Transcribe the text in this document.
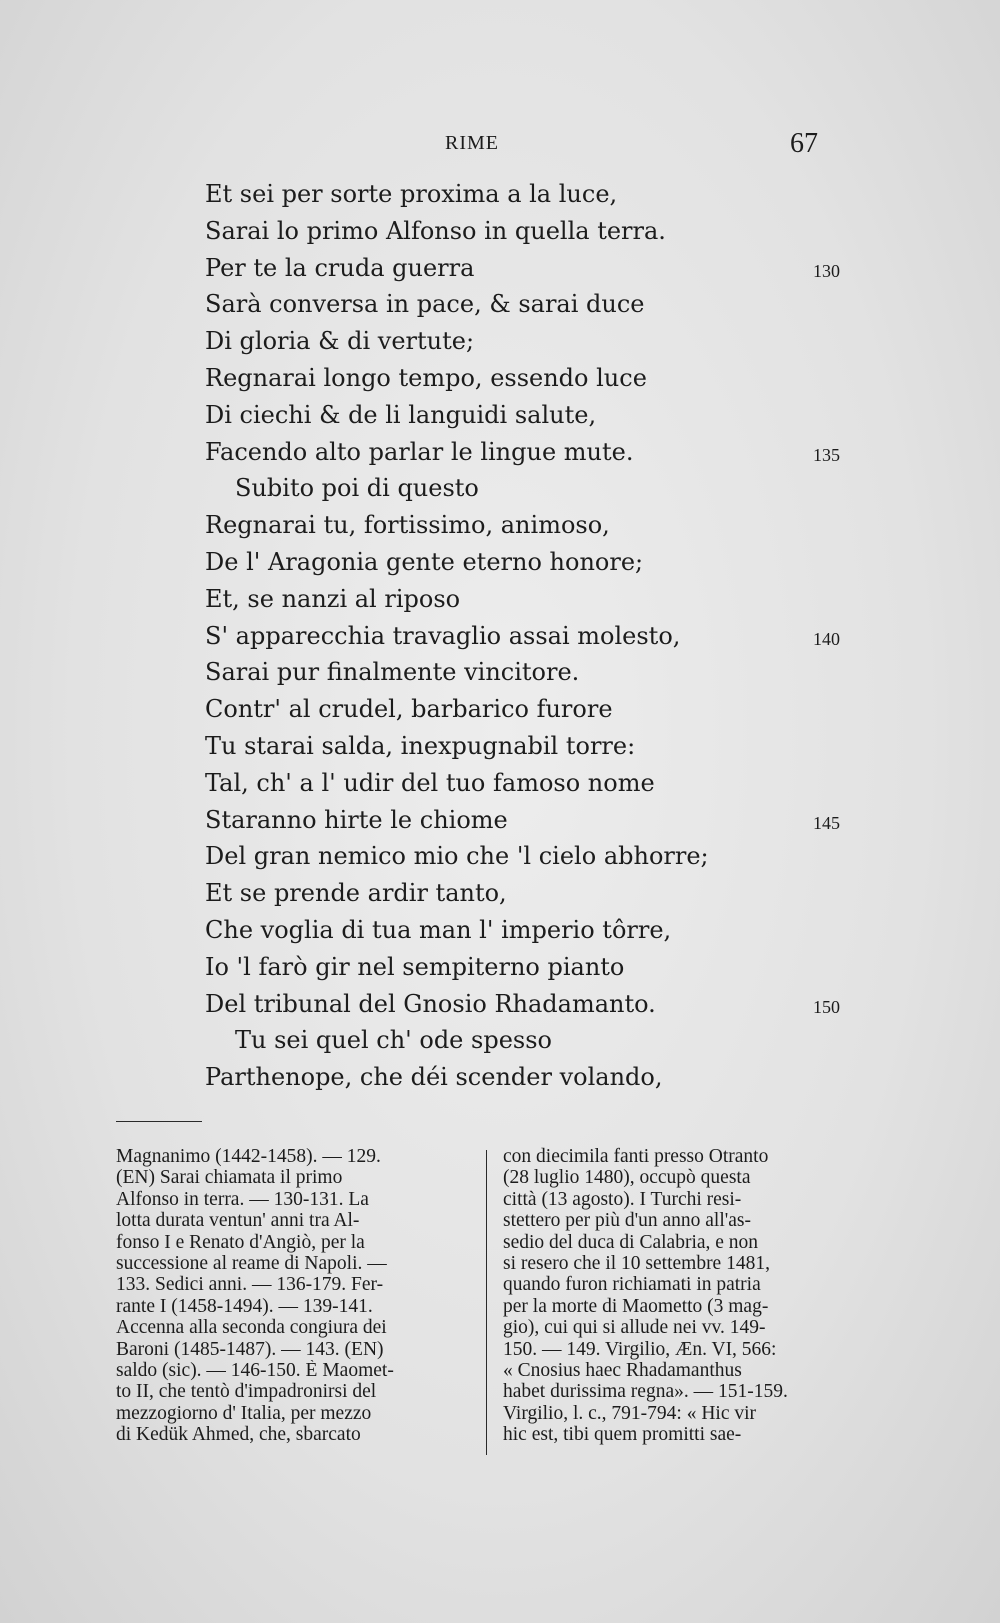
RIME	67
Et sei per sorte proxima a la luce,
Sarai lo primo Alfonso in quella terra.
Per te la cruda guerra
Sarà conversa in pace, & sarai duce
Di gloria & di vertute;
Regnarai longo tempo, essendo luce
Di ciechi & de li languidi salute,
Facendo alto parlar le lingue mute.
Subito poi di questo
Regnarai tu, fortissimo, animoso,
De l' Aragonia gente eterno honore;
Et, se nanzi al riposo
S' apparecchia travaglio assai molesto,
Sarai pur finalmente vincitore.
Contr' al crudel, barbarico furore
Tu starai salda, inexpugnabil torre:
Tal, ch' a l' udir del tuo famoso nome
Staranno hirte le chiome
Del gran nemico mio che 'l cielo abhorre;
Et se prende ardir tanto,
Che voglia di tua man l' imperio tôrre,
Io 'l farò gir nel sempiterno pianto
Del tribunal del Gnosio Rhadamanto.
Tu sei quel ch' ode spesso
Parthenope, che déi scender volando,
130
135
140
145
150
Magnanimo (1442-1458). — 129.
(EN) Sarai chiamata il primo
Alfonso in terra. — 130-131. La
lotta durata ventun' anni tra Al-
fonso I e Renato d'Angiò, per la
successione al reame di Napoli. —
133. Sedici anni. — 136-179. Fer-
rante I (1458-1494). — 139-141.
Accenna alla seconda congiura dei
Baroni (1485-1487). — 143. (EN)
saldo (sic). — 146-150. È Maomet-
to II, che tentò d'impadronirsi del
mezzogiorno d' Italia, per mezzo
di Kedük Ahmed, che, sbarcato
con diecimila fanti presso Otranto
(28 luglio 1480), occupò questa
città (13 agosto). I Turchi resi-
stettero per più d'un anno all'as-
sedio del duca di Calabria, e non
si resero che il 10 settembre 1481,
quando furon richiamati in patria
per la morte di Maometto (3 mag-
gio), cui qui si allude nei vv. 149-
150. — 149. Virgilio, Æn. VI, 566:
« Cnosius haec Rhadamanthus
habet durissima regna». — 151-159.
Virgilio, l. c., 791-794: « Hic vir
hic est, tibi quem promitti sae-
